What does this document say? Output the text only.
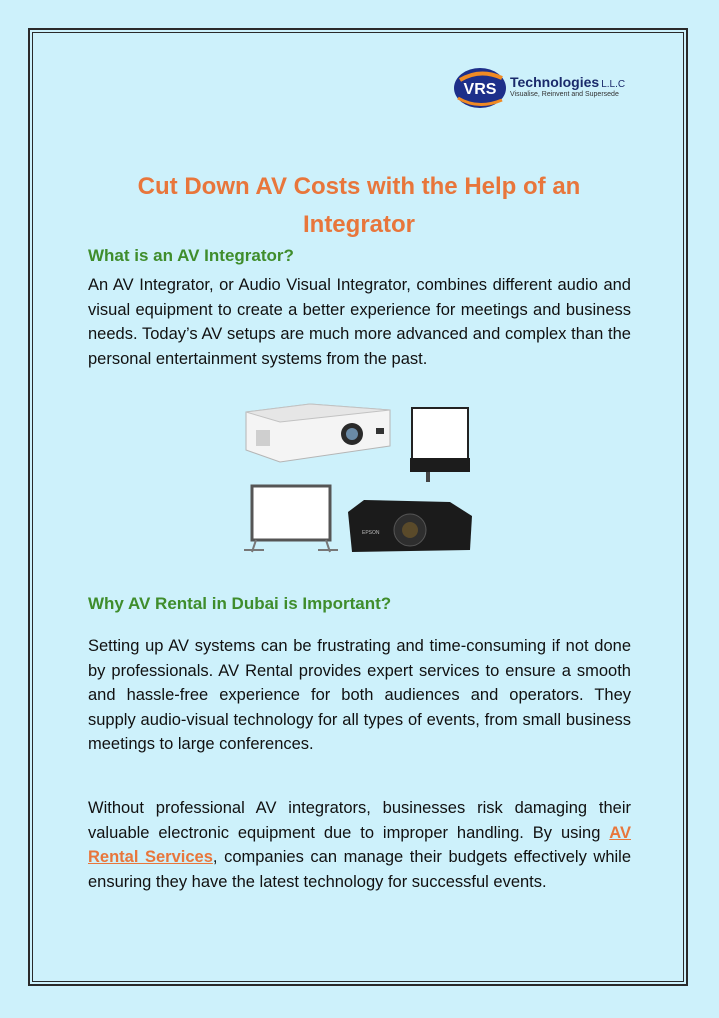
VRS Technologies L.L.C
Visualise, Reinvent and Supersede
Cut Down AV Costs with the Help of an Integrator
What is an AV Integrator?
An AV Integrator, or Audio Visual Integrator, combines different audio and visual equipment to create a better experience for meetings and business needs. Today’s AV setups are much more advanced and complex than the personal entertainment systems from the past.
EPSON
Why AV Rental in Dubai is Important?
Setting up AV systems can be frustrating and time-consuming if not done by professionals. AV Rental provides expert services to ensure a smooth and hassle-free experience for both audiences and operators. They supply audio-visual technology for all types of events, from small business meetings to large conferences.
Without professional AV integrators, businesses risk damaging their valuable electronic equipment due to improper handling. By using AV Rental Services, companies can manage their budgets effectively while ensuring they have the latest technology for successful events.
